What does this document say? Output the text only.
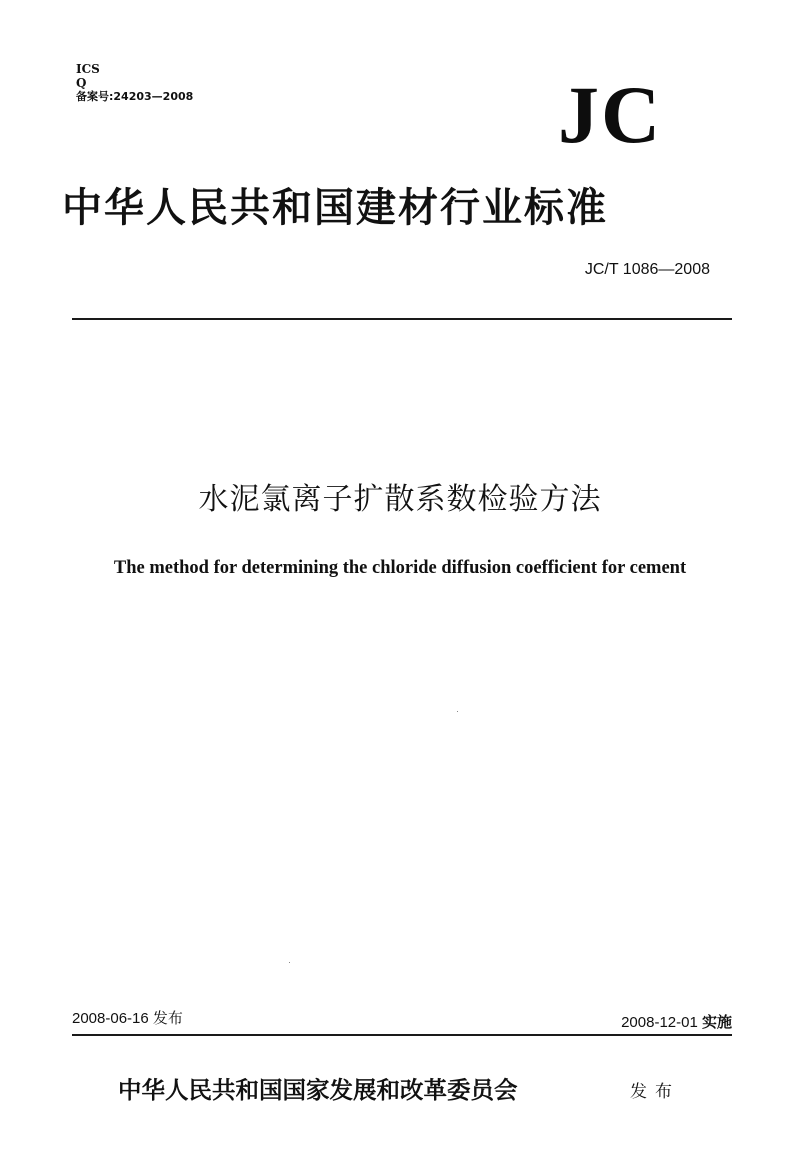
ICS
Q
备案号:24203—2008	JC
中华人民共和国建材行业标准
JC/T 1086—2008
水泥氯离子扩散系数检验方法
The method for determining the chloride diffusion coefficient for cement
2008-06-16 发布	2008-12-01 实施
中华人民共和国国家发展和改革委员会	发布
